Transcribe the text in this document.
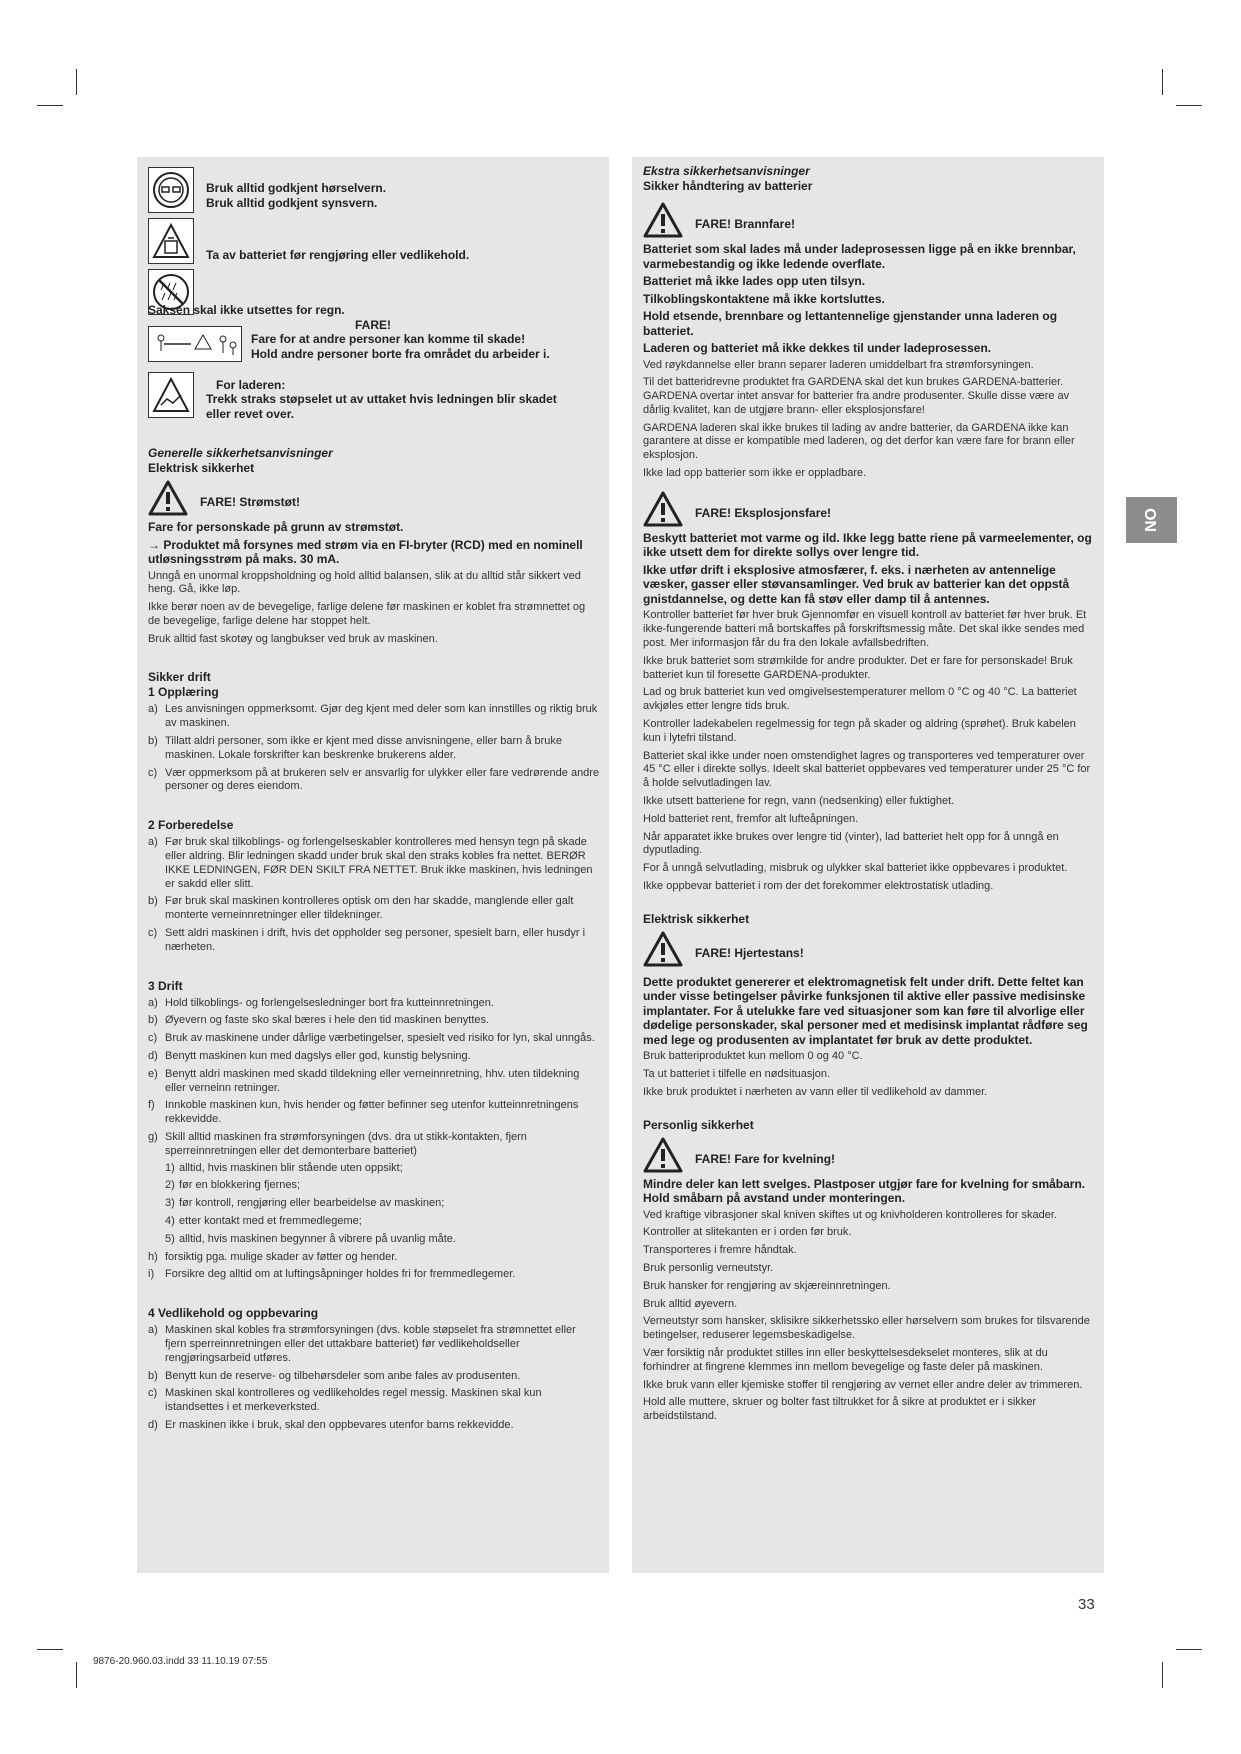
NO
Bruk alltid godkjent hørselvern.
Bruk alltid godkjent synsvern.
Ta av batteriet før rengjøring eller vedlikehold.
Saksen skal ikke utsettes for regn.
FARE!
Fare for at andre personer kan komme til skade!
Hold andre personer borte fra området du arbeider i.
For laderen:
Trekk straks støpselet ut av uttaket hvis ledningen blir skadet
eller revet over.
Generelle sikkerhetsanvisninger
Elektrisk sikkerhet
FARE! Strømstøt!
Fare for personskade på grunn av strømstøt.
→ Produktet må forsynes med strøm via en FI-bryter (RCD) med en nominell utløsningsstrøm på maks. 30 mA.
Unngå en unormal kroppsholdning og hold alltid balansen, slik at du alltid står sikkert ved heng. Gå, ikke løp.
Ikke berør noen av de bevegelige, farlige delene før maskinen er koblet fra strømnettet og de bevegelige, farlige delene har stoppet helt.
Bruk alltid fast skotøy og langbukser ved bruk av maskinen.
Sikker drift
1 Opplæring
a) Les anvisningen oppmerksomt. Gjør deg kjent med deler som kan innstilles og riktig bruk av maskinen.
b) Tillatt aldri personer, som ikke er kjent med disse anvisningene, eller barn å bruke maskinen. Lokale forskrifter kan beskrenke brukerens alder.
c) Vær oppmerksom på at brukeren selv er ansvarlig for ulykker eller fare vedrørende andre personer og deres eiendom.
2 Forberedelse
a) Før bruk skal tilkoblings- og forlengelseskabler kontrolleres med hensyn tegn på skade eller aldring. Blir ledningen skadd under bruk skal den straks kobles fra nettet. BERØR IKKE LEDNINGEN, FØR DEN SKILT FRA NETTET. Bruk ikke maskinen, hvis ledningen er sakdd eller slitt.
b) Før bruk skal maskinen kontrolleres optisk om den har skadde, manglende eller galt monterte verneinnretninger eller tildekninger.
c) Sett aldri maskinen i drift, hvis det oppholder seg personer, spesielt barn, eller husdyr i nærheten.
3 Drift
a) Hold tilkoblings- og forlengelsesledninger bort fra kutteinnretningen.
b) Øyevern og faste sko skal bæres i hele den tid maskinen benyttes.
c) Bruk av maskinene under dårlige værbetingelser, spesielt ved risiko for lyn, skal unngås.
d) Benytt maskinen kun med dagslys eller god, kunstig belysning.
e) Benytt aldri maskinen med skadd tildekning eller verneinnretning, hhv. uten tildekning eller verneinn retninger.
f) Innkoble maskinen kun, hvis hender og føtter befinner seg utenfor kutteinnretningens rekkevidde.
g) Skill alltid maskinen fra strømforsyningen (dvs. dra ut stikk-kontakten, fjern sperreinnretningen eller det demonterbare batteriet)
1) alltid, hvis maskinen blir stående uten oppsikt;
2) før en blokkering fjernes;
3) før kontroll, rengjøring eller bearbeidelse av maskinen;
4) etter kontakt med et fremmedlegeme;
5) alltid, hvis maskinen begynner å vibrere på uvanlig måte.
h) forsiktig pga. mulige skader av føtter og hender.
i) Forsikre deg alltid om at luftingsåpninger holdes fri for fremmedlegemer.
4 Vedlikehold og oppbevaring
a) Maskinen skal kobles fra strømforsyningen (dvs. koble støpselet fra strømnettet eller fjern sperreinnretningen eller det uttakbare batteriet) før vedlikeholdseller rengjøringsarbeid utføres.
b) Benytt kun de reserve- og tilbehørsdeler som anbe fales av produsenten.
c) Maskinen skal kontrolleres og vedlikeholdes regel messig. Maskinen skal kun istandsettes i et merkeverksted.
d) Er maskinen ikke i bruk, skal den oppbevares utenfor barns rekkevidde.
Ekstra sikkerhetsanvisninger
Sikker håndtering av batterier
FARE! Brannfare!
Batteriet som skal lades må under ladeprosessen ligge på en ikke brennbar, varmebestandig og ikke ledende overflate.
Batteriet må ikke lades opp uten tilsyn.
Tilkoblingskontaktene må ikke kortsluttes.
Hold etsende, brennbare og lettantennelige gjenstander unna laderen og batteriet.
Laderen og batteriet må ikke dekkes til under ladeprosessen.
Ved røykdannelse eller brann separer laderen umiddelbart fra strømforsyningen.
Til det batteridrevne produktet fra GARDENA skal det kun brukes GARDENA-batterier. GARDENA overtar intet ansvar for batterier fra andre produsenter. Skulle disse være av dårlig kvalitet, kan de utgjøre brann- eller eksplosjonsfare!
GARDENA laderen skal ikke brukes til lading av andre batterier, da GARDENA ikke kan garantere at disse er kompatible med laderen, og det derfor kan være fare for brann eller eksplosjon.
Ikke lad opp batterier som ikke er oppladbare.
FARE! Eksplosjonsfare!
Beskytt batteriet mot varme og ild. Ikke legg batte riene på varmeelementer, og ikke utsett dem for direkte sollys over lengre tid.
Ikke utfør drift i eksplosive atmosfærer, f. eks. i nærheten av antennelige væsker, gasser eller støvansamlinger. Ved bruk av batterier kan det oppstå gnistdannelse, og dette kan få støv eller damp til å antennes.
Kontroller batteriet før hver bruk Gjennomfør en visuell kontroll av batteriet før hver bruk. Et ikke-fungerende batteri må bortskaffes på forskriftsmessig måte. Det skal ikke sendes med post. Mer informasjon får du fra den lokale avfallsbedriften.
Ikke bruk batteriet som strømkilde for andre produkter. Det er fare for personskade! Bruk batteriet kun til foresette GARDENA-produkter.
Lad og bruk batteriet kun ved omgivelsestemperaturer mellom 0 °C og 40 °C. La batteriet avkjøles etter lengre tids bruk.
Kontroller ladekabelen regelmessig for tegn på skader og aldring (sprøhet). Bruk kabelen kun i lytefri tilstand.
Batteriet skal ikke under noen omstendighet lagres og transporteres ved temperaturer over 45 °C eller i direkte sollys. Ideelt skal batteriet oppbevares ved temperaturer under 25 °C for å holde selvutladingen lav.
Ikke utsett batteriene for regn, vann (nedsenking) eller fuktighet.
Hold batteriet rent, fremfor alt lufteåpningen.
Når apparatet ikke brukes over lengre tid (vinter), lad batteriet helt opp for å unngå en dyputlading.
For å unngå selvutlading, misbruk og ulykker skal batteriet ikke oppbevares i produktet.
Ikke oppbevar batteriet i rom der det forekommer elektrostatisk utlading.
Elektrisk sikkerhet
FARE! Hjertestans!
Dette produktet genererer et elektromagnetisk felt under drift. Dette feltet kan under visse betingelser påvirke funksjonen til aktive eller passive medisinske implantater. For å utelukke fare ved situasjoner som kan føre til alvorlige eller dødelige personskader, skal personer med et medisinsk implantat rådføre seg med lege og produsenten av implantatet før bruk av dette produktet.
Bruk batteriproduktet kun mellom 0 og 40 °C.
Ta ut batteriet i tilfelle en nødsituasjon.
Ikke bruk produktet i nærheten av vann eller til vedlikehold av dammer.
Personlig sikkerhet
FARE! Fare for kvelning!
Mindre deler kan lett svelges. Plastposer utgjør fare for kvelning for småbarn. Hold småbarn på avstand under monteringen.
Ved kraftige vibrasjoner skal kniven skiftes ut og knivholderen kontrolleres for skader.
Kontroller at slitekanten er i orden før bruk.
Transporteres i fremre håndtak.
Bruk personlig verneutstyr.
Bruk hansker for rengjøring av skjæreinnretningen.
Bruk alltid øyevern.
Verneutstyr som hansker, sklisikre sikkerhetssko eller hørselvern som brukes for tilsvarende betingelser, reduserer legemsbeskadigelse.
Vær forsiktig når produktet stilles inn eller beskyttelsesdekselet monteres, slik at du forhindrer at fingrene klemmes inn mellom bevegelige og faste deler på maskinen.
Ikke bruk vann eller kjemiske stoffer til rengjøring av vernet eller andre deler av trimmeren.
Hold alle muttere, skruer og bolter fast tiltrukket for å sikre at produktet er i sikker arbeidstilstand.
33
9876-20.960.03.indd 33 11.10.19 07:55
